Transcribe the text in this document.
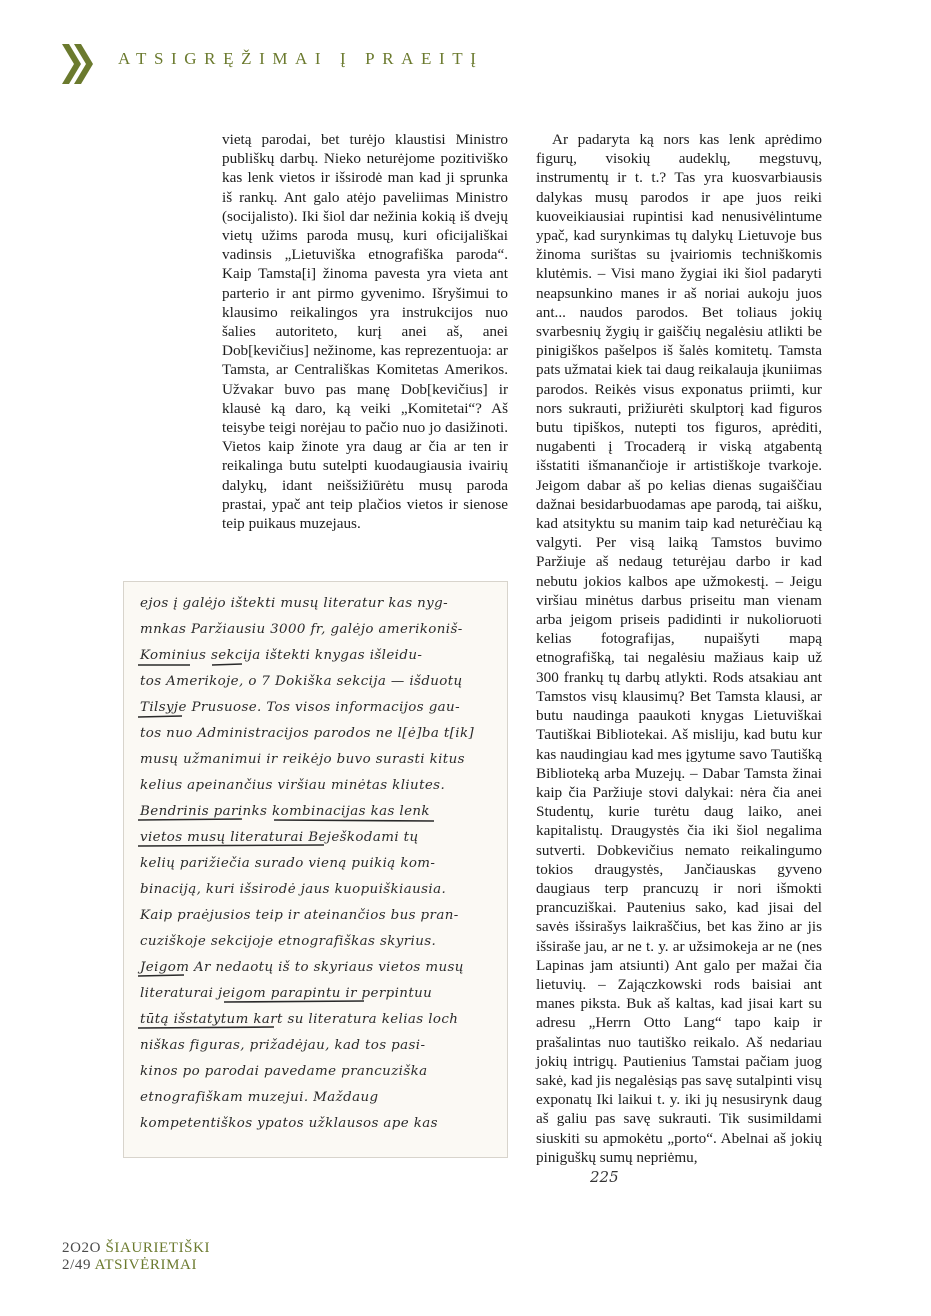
ATSIGRĘŽIMAI Į PRAEITĮ

vietą parodai, bet turėjo klaustisi Ministro publiškų darbų. Nieko neturėjome pozitiviško kas lenk vietos ir išsirodė man kad ji sprunka iš rankų. Ant galo atėjo paveliimas Ministro (socijalisto). Iki šiol dar nežinia kokią iš dvejų vietų užims paroda musų, kuri oficijališkai vadinsis „Lietuviška etnografiška paroda“. Kaip Tamsta[i] žinoma pavesta yra vieta ant parterio ir ant pirmo gyvenimo. Išryšimui to klausimo reikalingos yra instrukcijos nuo šalies autoriteto, kurį anei aš, anei Dob[kevičius] nežinome, kas reprezentuoja: ar Tamsta, ar Centrališkas Komitetas Amerikos. Užvakar buvo pas manę Dob[kevičius] ir klausė ką daro, ką veiki „Komitetai“? Aš teisybe teigi norėjau to pačio nuo jo dasižinoti. Vietos kaip žinote yra daug ar čia ar ten ir reikalinga butu sutelpti kuodaugiausia ivairių dalykų, idant neišsižiūrėtu musų paroda prastai, ypač ant teip plačios vietos ir sienose teip puikaus muzejaus.

Ar padaryta ką nors kas lenk aprėdimo figurų, visokių audeklų, megstuvų, instrumentų ir t. t.? Tas yra kuosvarbiausis dalykas musų parodos ir ape juos reiki kuoveikiausiai rupintisi kad nenusivėlintume ypač, kad surynkimas tų dalykų Lietuvoje bus žinoma surištas su įvairiomis techniškomis klutėmis. – Visi mano žygiai iki šiol padaryti neapsunkino manes ir aš noriai aukoju juos ant... naudos parodos. Bet toliaus jokių svarbesnių žygių ir gaiščių negalėsiu atlikti be pinigiškos pašelpos iš šalės komitetų. Tamsta pats užmatai kiek tai daug reikalauja įkuniimas parodos. Reikės visus exponatus priimti, kur nors sukrauti, prižiurėti skulptorį kad figuros butu tipiškos, nutepti tos figuros, aprėditi, nugabenti į Trocaderą ir viską atgabentą išstatiti išmanančioje ir artistiškoje tvarkoje. Jeigom dabar aš po kelias dienas sugaiščiau dažnai besidarbuodamas ape parodą, tai aišku, kad atsityktu su manim taip kad neturėčiau ką valgyti. Per visą laiką Tamstos buvimo Paržiuje aš nedaug teturėjau darbo ir kad nebutu jokios kalbos ape užmokestį. – Jeigu viršiau minėtus darbus priseitu man vienam arba jeigom priseis padidinti ir nukolioruoti kelias fotografijas, nupaišyti mapą etnografišką, tai negalėsiu mažiaus kaip už 300 frankų tų darbų atlykti. Rods atsakiau ant Tamstos visų klausimų? Bet Tamsta klausi, ar butu naudinga paaukoti knygas Lietuviškai Tautiškai Bibliotekai. Aš misliju, kad butu kur kas naudingiau kad mes įgytume savo Tautišką Biblioteką arba Muzejų. – Dabar Tamsta žinai kaip čia Paržiuje stovi dalykai: nėra čia anei Studentų, kurie turėtu daug laiko, anei kapitalistų. Draugystės čia iki šiol negalima sutverti. Dobkevičius nemato reikalingumo tokios draugystės, Jančiauskas gyveno daugiaus terp prancuzų ir nori išmokti prancuziškai. Pautenius sako, kad jisai del savės išsirašys laikraščius, bet kas žino ar jis išsiraše jau, ar ne t. y. ar užsimokeja ar ne (nes Lapinas jam atsiunti) Ant galo per mažai čia lietuvių. – Zajączkowski rods baisiai ant manes piksta. Buk aš kaltas, kad jisai kart su adresu „Herrn Otto Lang“ tapo kaip ir prašalintas nuo tautiško reikalo. Aš nedariau jokių intrigų. Pautienius Tamstai pačiam juog sakė, kad jis negalėsiąs pas savę sutalpinti visų exponatų Iki laikui t. y. iki jų nesusirynk daug aš galiu pas savę sukrauti. Tik susimildami siuskiti su apmokėtu „porto“. Abelnai aš jokių piniguškų sumų nepriėmu,

225
ejos į galėjo ištekti musų literatur kas nyg-
mnkas Paržiausiu 3000 fr, galėjo amerikoniš-
Kominius sekcija ištekti knygas išleidu-
tos Amerikoje, o 7 Dokiška sekcija — išduotų
Tilsyje Prusuose. Tos visos informacijos gau-
tos nuo Administracijos parodos ne l[ė]ba t[ik]
musų užmanimui ir reikėjo buvo surasti kitus
kelius apeinančius viršiau minėtas kliutes.
Bendrinis parinks kombinacijas kas lenk
vietos musų literaturai Beješkodami tų
kelių parižiečia surado vieną puikią kom-
binaciją, kuri išsirodė jaus kuopuiškiausia.
Kaip praėjusios teip ir ateinančios bus pran-
cuziškoje sekcijoje etnografiškas skyrius.
Jeigom Ar nedaotų iš to skyriaus vietos musų
literaturai jeigom parapintu ir perpintuu
tūtą išstatytum kart su literatura kelias loch
niškas figuras, prižadėjau, kad tos pasi-
kinos po parodai pavedame prancuziška
etnografiškam muzejui. Maždaug
kompetentiškos ypatos užklausos ape kas
2O2O ŠIAURIETIŠKI
2/49 ATSIVĖRIMAI
